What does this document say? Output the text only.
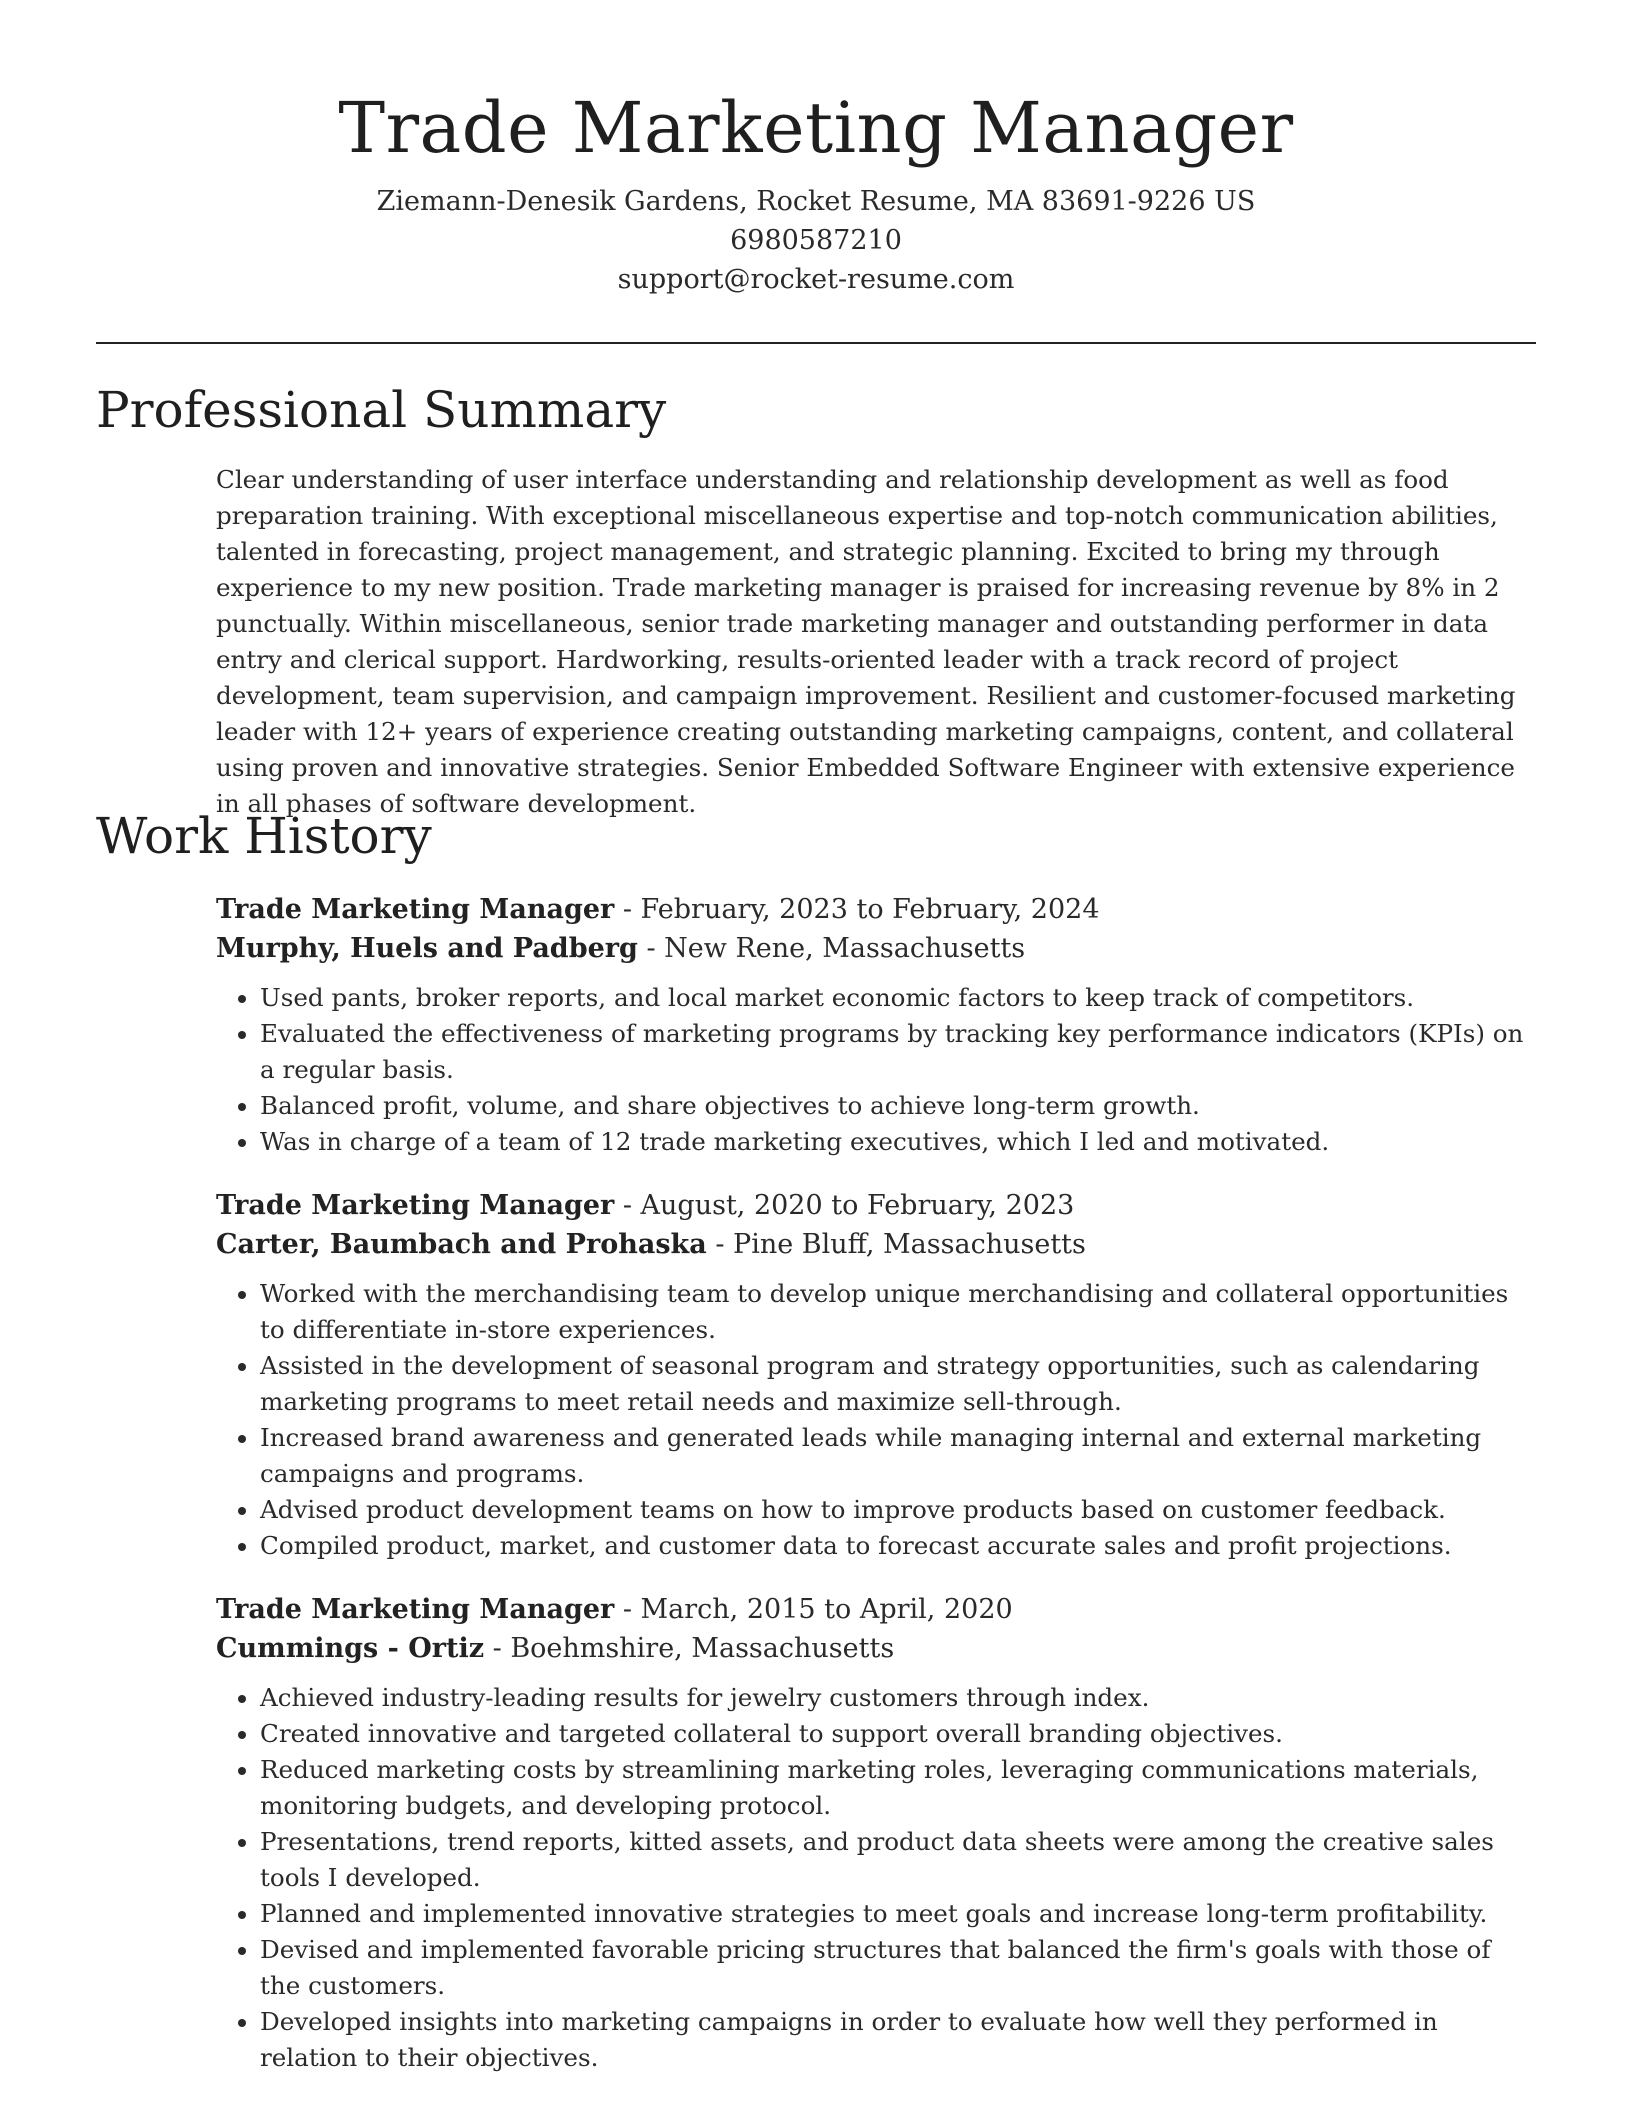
Trade Marketing Manager
Ziemann-Denesik Gardens, Rocket Resume, MA 83691-9226 US
6980587210
support@rocket-resume.com
Professional Summary

Clear understanding of user interface understanding and relationship development as well as food preparation training. With exceptional miscellaneous expertise and top-notch communication abilities, talented in forecasting, project management, and strategic planning. Excited to bring my through experience to my new position. Trade marketing manager is praised for increasing revenue by 8% in 2 punctually. Within miscellaneous, senior trade marketing manager and outstanding performer in data entry and clerical support. Hardworking, results-oriented leader with a track record of project development, team supervision, and campaign improvement. Resilient and customer-focused marketing leader with 12+ years of experience creating outstanding marketing campaigns, content, and collateral using proven and innovative strategies. Senior Embedded Software Engineer with extensive experience in all phases of software development.

Work History
Trade Marketing Manager - February, 2023 to February, 2024
Murphy, Huels and Padberg - New Rene, Massachusetts
• Used pants, broker reports, and local market economic factors to keep track of competitors.
• Evaluated the effectiveness of marketing programs by tracking key performance indicators (KPIs) on a regular basis.
• Balanced profit, volume, and share objectives to achieve long-term growth.
• Was in charge of a team of 12 trade marketing executives, which I led and motivated.
Trade Marketing Manager - August, 2020 to February, 2023
Carter, Baumbach and Prohaska - Pine Bluff, Massachusetts
• Worked with the merchandising team to develop unique merchandising and collateral opportunities to differentiate in-store experiences.
• Assisted in the development of seasonal program and strategy opportunities, such as calendaring marketing programs to meet retail needs and maximize sell-through.
• Increased brand awareness and generated leads while managing internal and external marketing campaigns and programs.
• Advised product development teams on how to improve products based on customer feedback.
• Compiled product, market, and customer data to forecast accurate sales and profit projections.
Trade Marketing Manager - March, 2015 to April, 2020
Cummings - Ortiz - Boehmshire, Massachusetts
• Achieved industry-leading results for jewelry customers through index.
• Created innovative and targeted collateral to support overall branding objectives.
• Reduced marketing costs by streamlining marketing roles, leveraging communications materials, monitoring budgets, and developing protocol.
• Presentations, trend reports, kitted assets, and product data sheets were among the creative sales tools I developed.
• Planned and implemented innovative strategies to meet goals and increase long-term profitability.
• Devised and implemented favorable pricing structures that balanced the firm's goals with those of the customers.
• Developed insights into marketing campaigns in order to evaluate how well they performed in relation to their objectives.
